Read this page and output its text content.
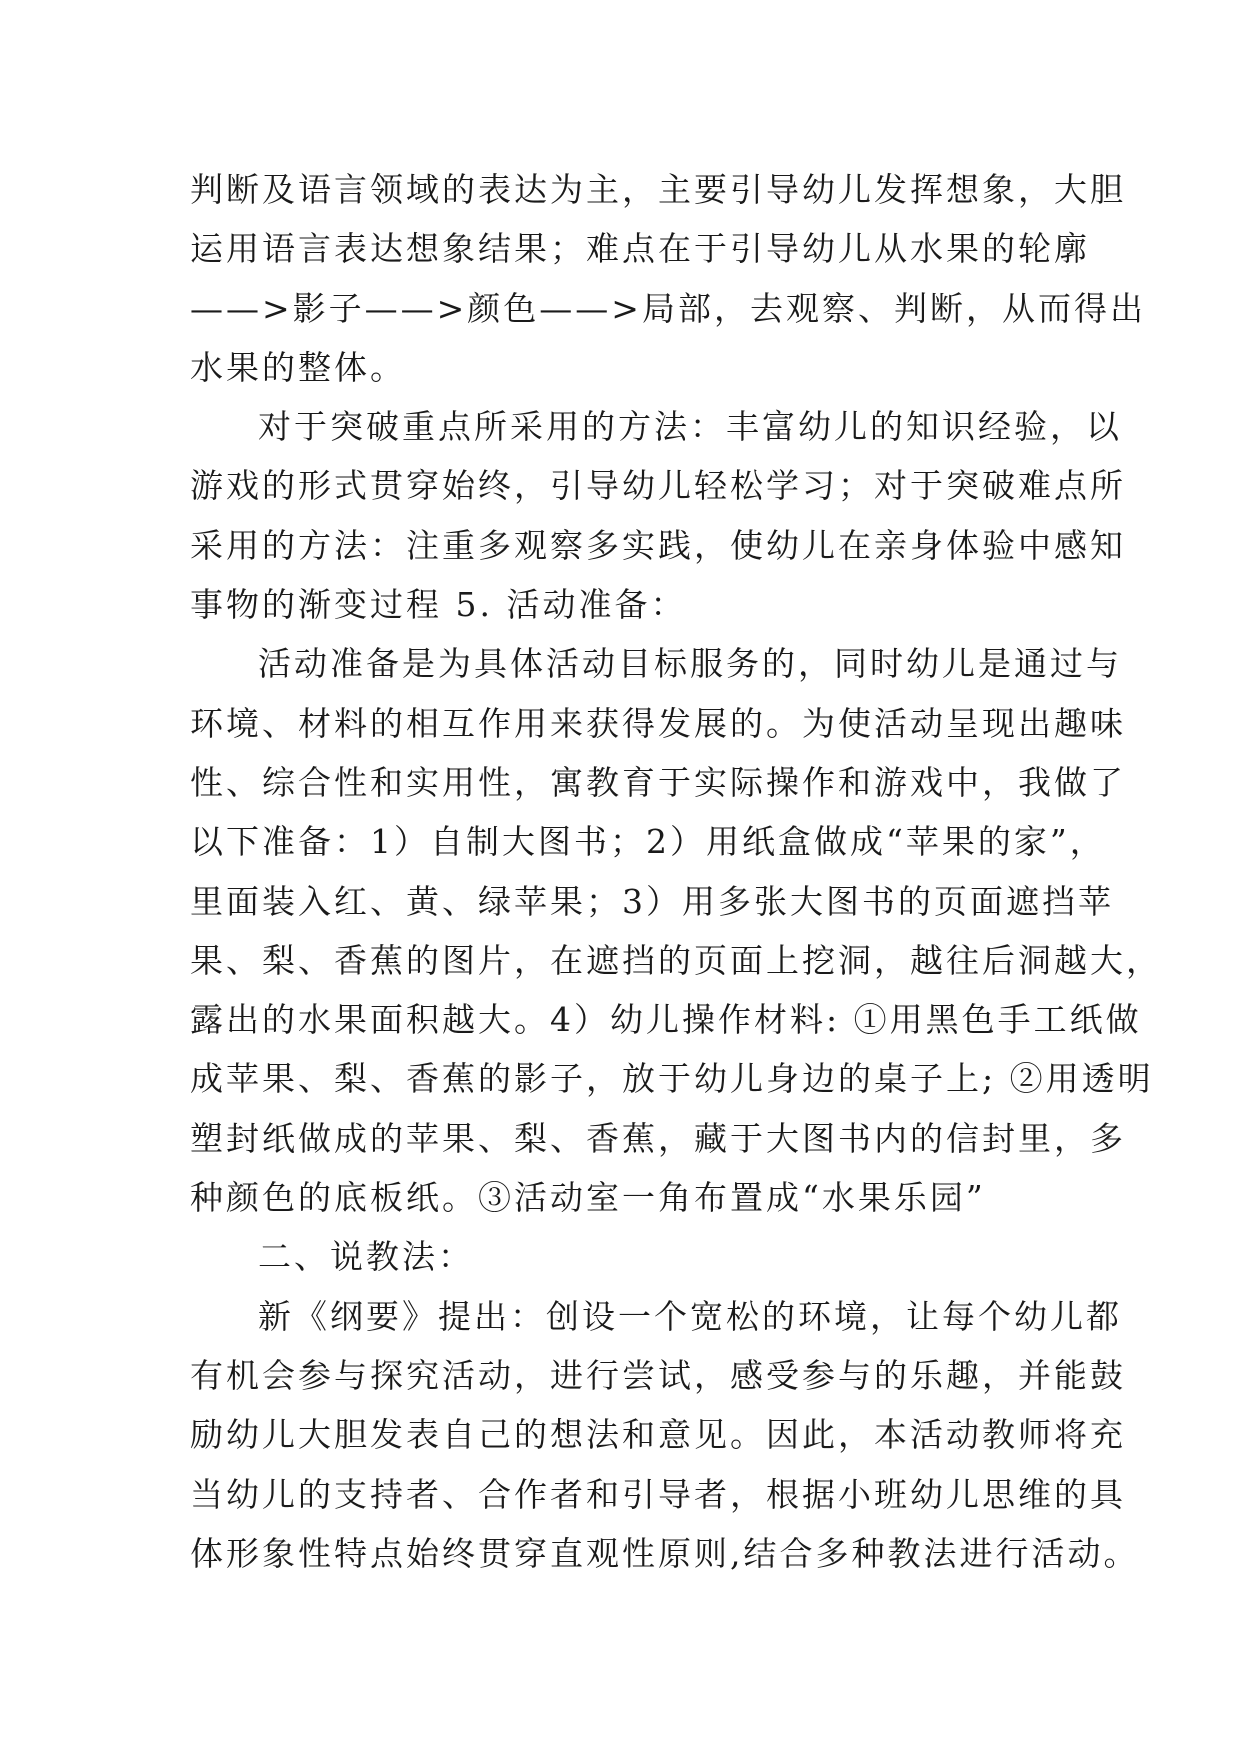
判断及语言领域的表达为主，主要引导幼儿发挥想象，大胆
运用语言表达想象结果；难点在于引导幼儿从水果的轮廓
——>影子——>颜色——>局部，去观察、判断，从而得出
水果的整体。
对于突破重点所采用的方法：丰富幼儿的知识经验，以
游戏的形式贯穿始终，引导幼儿轻松学习；对于突破难点所
采用的方法：注重多观察多实践，使幼儿在亲身体验中感知
事物的渐变过程 5. 活动准备：
活动准备是为具体活动目标服务的，同时幼儿是通过与
环境、材料的相互作用来获得发展的。为使活动呈现出趣味
性、综合性和实用性，寓教育于实际操作和游戏中，我做了
以下准备：1）自制大图书；2）用纸盒做成“苹果的家”，
里面装入红、黄、绿苹果；3）用多张大图书的页面遮挡苹
果、梨、香蕉的图片，在遮挡的页面上挖洞，越往后洞越大，
露出的水果面积越大。4）幼儿操作材料: ①用黑色手工纸做
成苹果、梨、香蕉的影子，放于幼儿身边的桌子上; ②用透明
塑封纸做成的苹果、梨、香蕉，藏于大图书内的信封里，多
种颜色的底板纸。③活动室一角布置成“水果乐园”
二、说教法：
新《纲要》提出：创设一个宽松的环境，让每个幼儿都
有机会参与探究活动，进行尝试，感受参与的乐趣，并能鼓
励幼儿大胆发表自己的想法和意见。因此，本活动教师将充
当幼儿的支持者、合作者和引导者，根据小班幼儿思维的具
体形象性特点始终贯穿直观性原则,结合多种教法进行活动。
